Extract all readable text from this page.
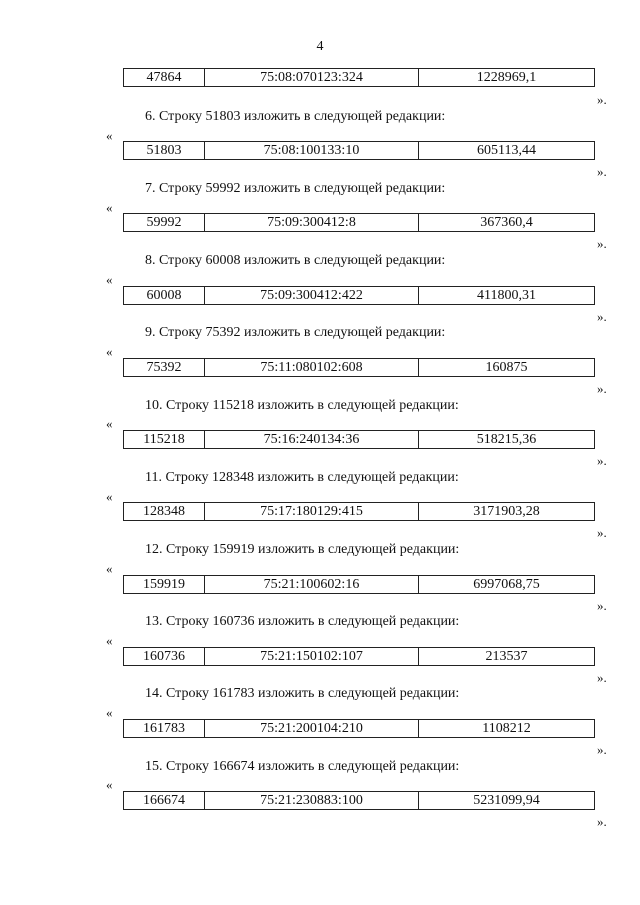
4
47864	75:08:070123:324	1228969,1
».
6. Строку 51803 изложить в следующей редакции:
«
51803	75:08:100133:10	605113,44
».
7. Строку 59992 изложить в следующей редакции:
«
59992	75:09:300412:8	367360,4
».
8. Строку 60008 изложить в следующей редакции:
«
60008	75:09:300412:422	411800,31
».
9. Строку 75392 изложить в следующей редакции:
«
75392	75:11:080102:608	160875
».
10. Строку 115218 изложить в следующей редакции:
«
115218	75:16:240134:36	518215,36
».
11. Строку 128348 изложить в следующей редакции:
«
128348	75:17:180129:415	3171903,28
».
12. Строку 159919 изложить в следующей редакции:
«
159919	75:21:100602:16	6997068,75
».
13. Строку 160736 изложить в следующей редакции:
«
160736	75:21:150102:107	213537
».
14. Строку 161783 изложить в следующей редакции:
«
161783	75:21:200104:210	1108212
».
15. Строку 166674 изложить в следующей редакции:
«
166674	75:21:230883:100	5231099,94
».
